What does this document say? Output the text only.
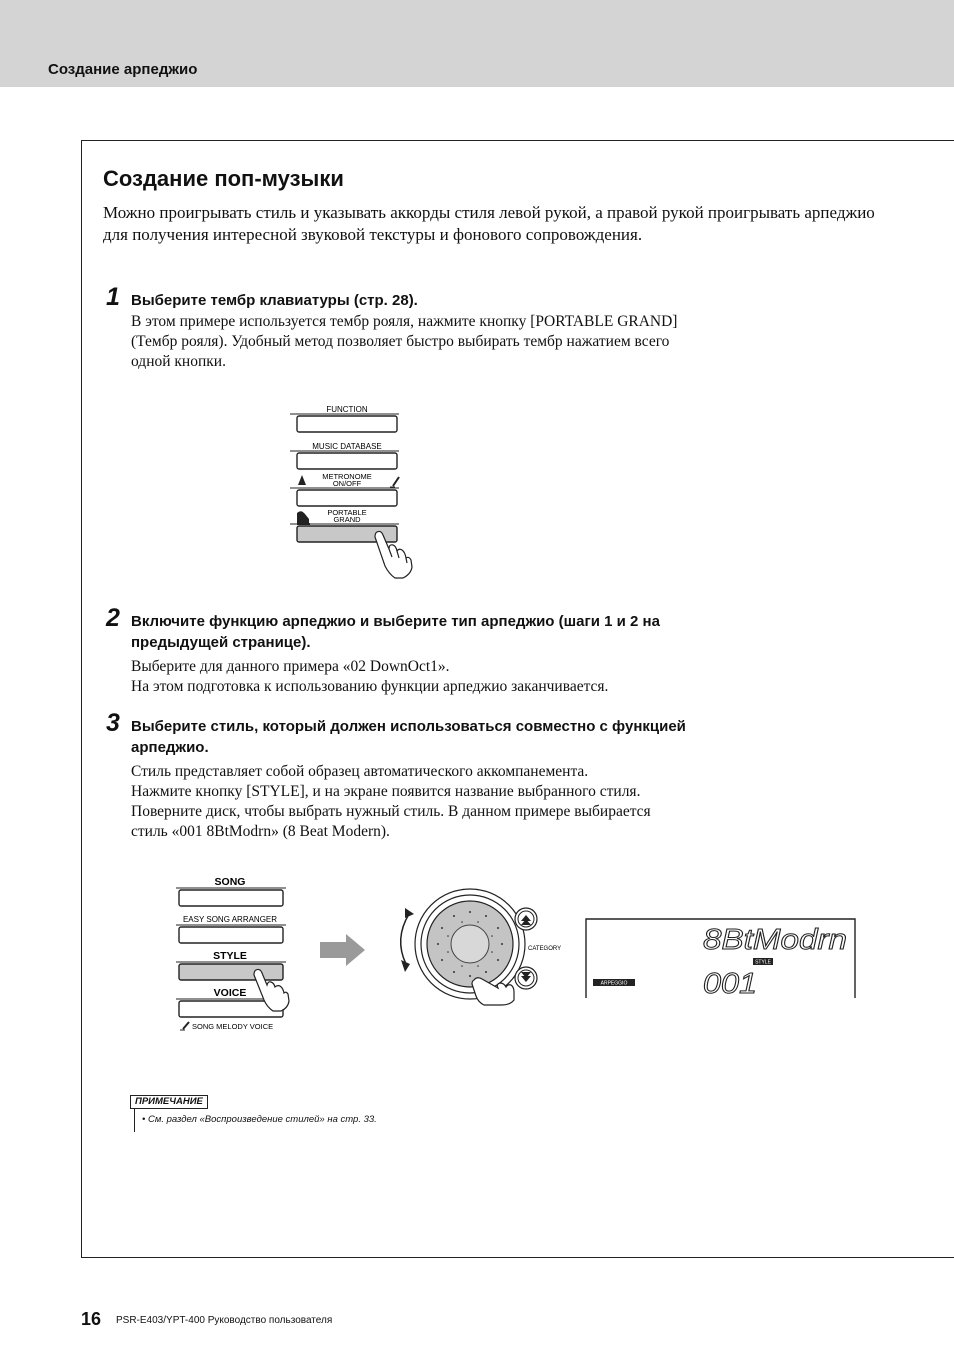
Создание арпеджио
Создание поп-музыки
Можно проигрывать стиль и указывать аккорды стиля левой рукой, а правой рукой проигрывать арпеджио для получения интересной звуковой текстуры и фонового сопровождения.
1 Выберите тембр клавиатуры (стр. 28).
В этом примере используется тембр рояля, нажмите кнопку [PORTABLE GRAND]
(Тембр рояля). Удобный метод позволяет быстро выбирать тембр нажатием всего
одной кнопки.
FUNCTION
MUSIC DATABASE
METRONOME
ON/OFF
PORTABLE
GRAND
2 Включите функцию арпеджио и выберите тип арпеджио (шаги 1 и 2 на предыдущей странице).
Выберите для данного примера «02 DownOct1».
На этом подготовка к использованию функции арпеджио заканчивается.
3 Выберите стиль, который должен использоваться совместно с функцией арпеджио.
Стиль представляет собой образец автоматического аккомпанемента.
Нажмите кнопку [STYLE], и на экране появится название выбранного стиля.
Поверните диск, чтобы выбрать нужный стиль. В данном примере выбирается
стиль «001 8BtModrn» (8 Beat Modern).
SONG
EASY SONG ARRANGER
STYLE
VOICE
SONG MELODY VOICE
CATEGORY	8BtModrn
STYLE
ARPEGGIO	001
ПРИМЕЧАНИЕ
• См. раздел «Воспроизведение стилей» на стр. 33.
16 PSR-E403/YPT-400 Руководство пользователя
